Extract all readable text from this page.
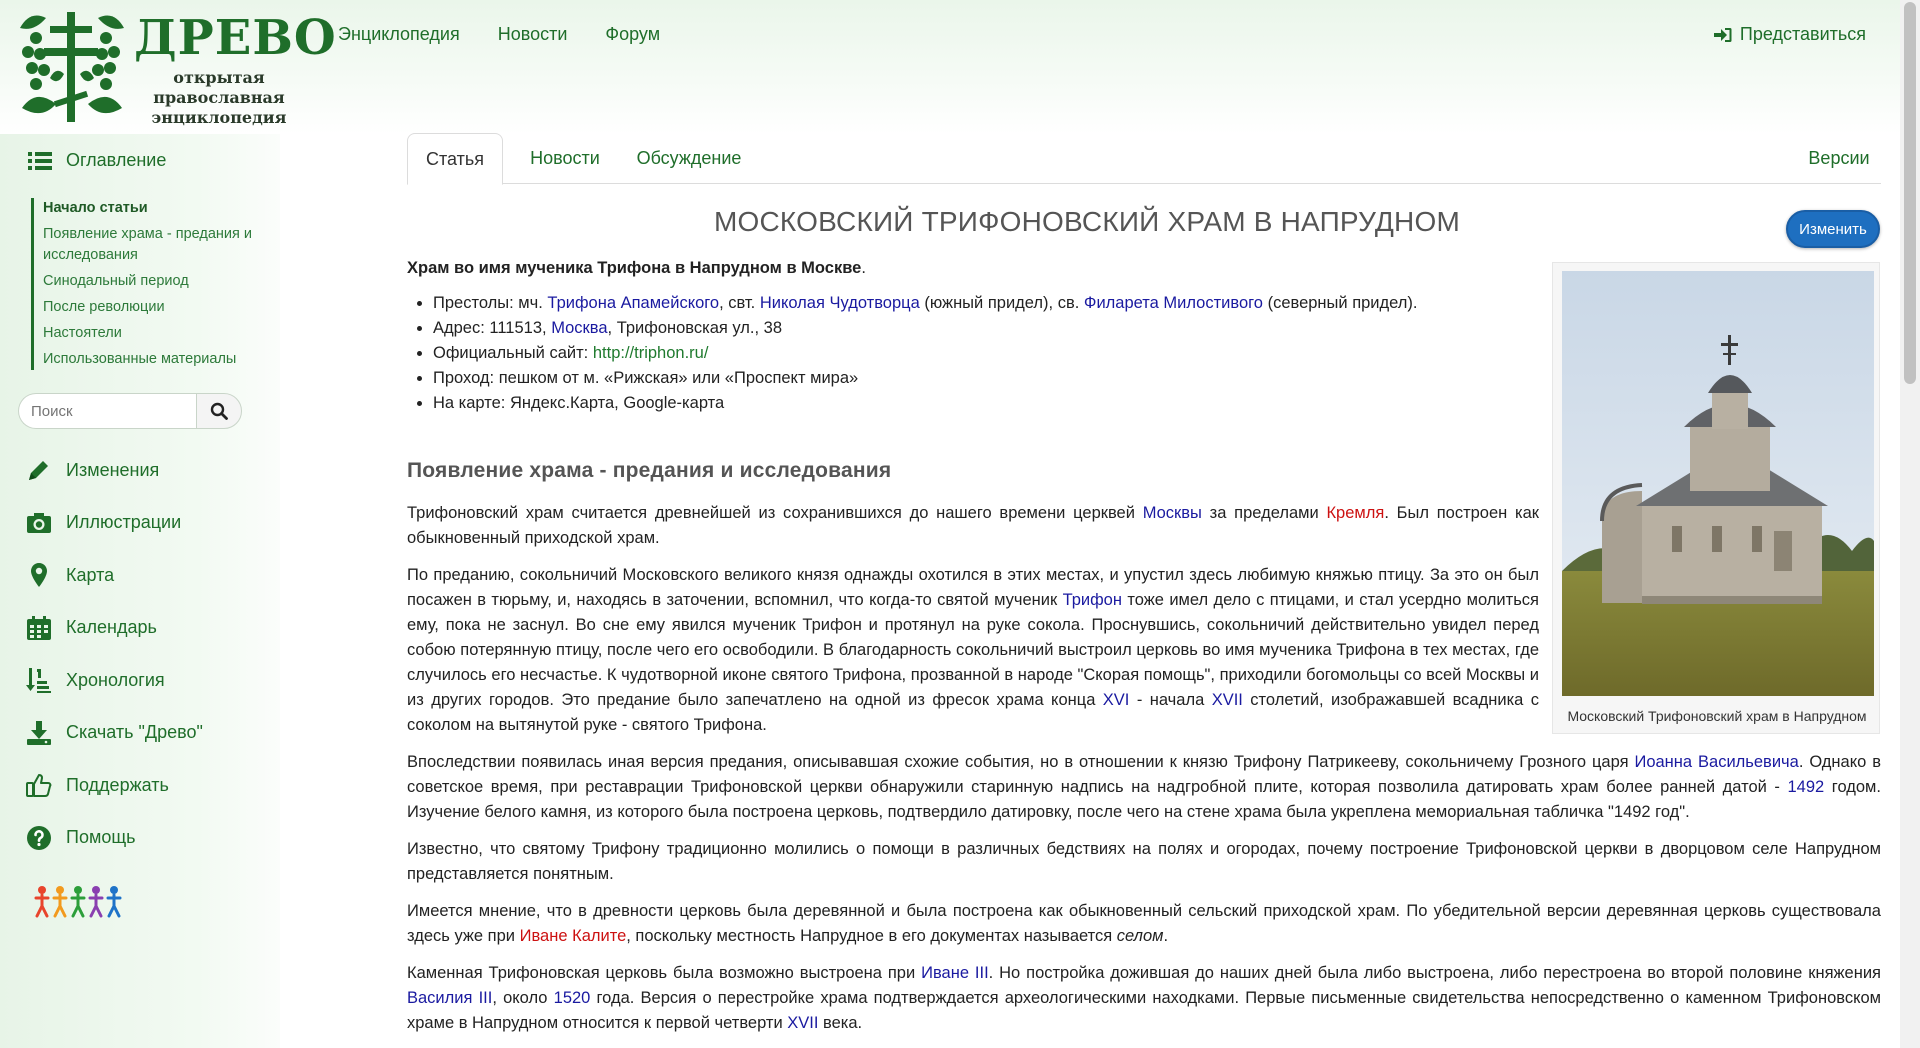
ДРЕВО
открытая
православная
энциклопедия
Энциклопедия Новости Форум	Представиться
Оглавление
Начало статьи
Появление храма - предания и исследования
Синодальный период
После революции
Настоятели
Использованные материалы
Поиск
Изменения
Иллюстрации
Карта
Календарь
Хронология
Скачать "Древо"
Поддержать
Помощь
Статья	Новости	Обсуждение	Версии
МОСКОВСКИЙ ТРИФОНОВСКИЙ ХРАМ В НАПРУДНОМ	Изменить
Московский Трифоновский храм в Напрудном

Храм во имя мученика Трифона в Напрудном в Москве.

• Престолы: мч. Трифона Апамейского, свт. Николая Чудотворца (южный придел), св. Филарета Милостивого (северный придел).
• Адрес: 111513, Москва, Трифоновская ул., 38
• Официальный сайт: http://triphon.ru/
• Проход: пешком от м. «Рижская» или «Проспект мира»
• На карте: Яндекс.Карта, Google-карта
Появление храма - предания и исследования

Трифоновский храм считается древнейшей из сохранившихся до нашего времени церквей Москвы за пределами Кремля. Был построен как обыкновенный приходской храм.

По преданию, сокольничий Московского великого князя однажды охотился в этих местах, и упустил здесь любимую княжью птицу. За это он был посажен в тюрьму, и, находясь в заточении, вспомнил, что когда-то святой мученик Трифон тоже имел дело с птицами, и стал усердно молиться ему, пока не заснул. Во сне ему явился мученик Трифон и протянул на руке сокола. Проснувшись, сокольничий действительно увидел перед собою потерянную птицу, после чего его освободили. В благодарность сокольничий выстроил церковь во имя мученика Трифона в тех местах, где случилось его несчастье. К чудотворной иконе святого Трифона, прозванной в народе "Скорая помощь", приходили богомольцы со всей Москвы и из других городов. Это предание было запечатлено на одной из фресок храма конца XVI - начала XVII столетий, изображавшей всадника с соколом на вытянутой руке - святого Трифона.

Впоследствии появилась иная версия предания, описывавшая схожие события, но в отношении к князю Трифону Патрикееву, сокольничему Грозного царя Иоанна Васильевича. Однако в советское время, при реставрации Трифоновской церкви обнаружили старинную надпись на надгробной плите, которая позволила датировать храм более ранней датой - 1492 годом. Изучение белого камня, из которого была построена церковь, подтвердило датировку, после чего на стене храма была укреплена мемориальная табличка "1492 год".

Известно, что святому Трифону традиционно молились о помощи в различных бедствиях на полях и огородах, почему построение Трифоновской церкви в дворцовом селе Напрудном представляется понятным.

Имеется мнение, что в древности церковь была деревянной и была построена как обыкновенный сельский приходской храм. По убедительной версии деревянная церковь существовала здесь уже при Иване Калите, поскольку местность Напрудное в его документах называется селом.

Каменная Трифоновская церковь была возможно выстроена при Иване III. Но постройка дожившая до наших дней была либо выстроена, либо перестроена во второй половине княжения Василия III, около 1520 года. Версия о перестройке храма подтверждается археологическими находками. Первые письменные свидетельства непосредственно о каменном Трифоновском храме в Напрудном относится к первой четверти XVII века.
